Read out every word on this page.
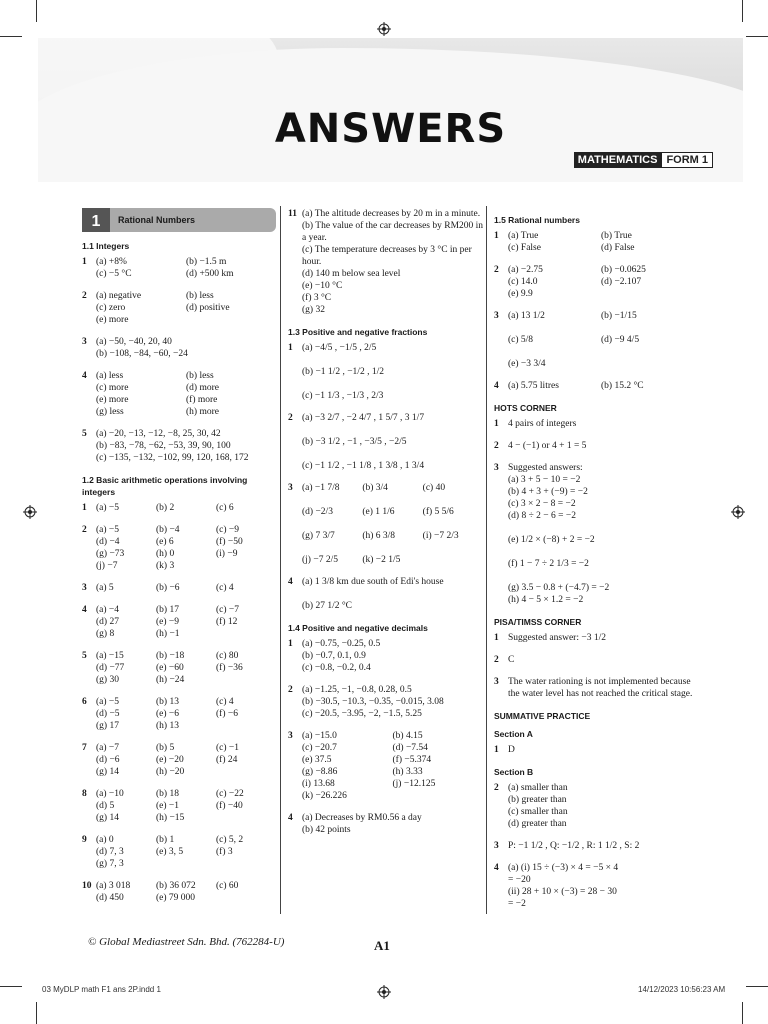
ANSWERS
MATHEMATICS FORM 1
1	Rational Numbers
1.1 Integers
1 (a) +8%	(b) −1.5 m
(c) −5 °C	(d) +500 km
2 (a) negative	(b) less
(c) zero	(d) positive
(e) more

3 (a) −50, −40, 20, 40
(b) −108, −84, −60, −24
4 (a) less	(b) less
(c) more	(d) more
(e) more	(f) more
(g) less	(h) more
5 (a) −20, −13, −12, −8, 25, 30, 42
(b) −83, −78, −62, −53, 39, 90, 100
(c) −135, −132, −102, 99, 120, 168, 172
1.2 Basic arithmetic operations involving integers
1 (a) −5	(b) 2	(c) 6
2 (a) −5	(b) −4	(c) −9
(d) −4	(e) 6	(f) −50
(g) −73	(h) 0	(i) −9
(j) −7	(k) 3

3 (a) 5	(b) −6	(c) 4
4 (a) −4	(b) 17	(c) −7
(d) 27	(e) −9	(f) 12
(g) 8	(h) −1

5 (a) −15	(b) −18	(c) 80
(d) −77	(e) −60	(f) −36
(g) 30	(h) −24

6 (a) −5	(b) 13	(c) 4
(d) −5	(e) −6	(f) −6
(g) 17	(h) 13

7 (a) −7	(b) 5	(c) −1
(d) −6	(e) −20	(f) 24
(g) 14	(h) −20

8 (a) −10	(b) 18	(c) −22
(d) 5	(e) −1	(f) −40
(g) 14	(h) −15

9 (a) 0	(b) 1	(c) 5, 2
(d) 7, 3	(e) 3, 5	(f) 3
(g) 7, 3

10 (a) 3 018	(b) 36 072	(c) 60
(d) 450	(e) 79 000

11 (a) The altitude decreases by 20 m in a minute.
(b) The value of the car decreases by RM200 in
a year.
(c) The temperature decreases by 3 °C in per
hour.
(d) 140 m below sea level
(e) −10 °C
(f) 3 °C
(g) 32
1.3 Positive and negative fractions
1 (a) −4/5 , −1/5 , 2/5

(b) −1 1/2 , −1/2 , 1/2

(c) −1 1/3 , −1/3 , 2/3
2 (a) −3 2/7 , −2 4/7 , 1 5/7 , 3 1/7

(b) −3 1/2 , −1 , −3/5 , −2/5

(c) −1 1/2 , −1 1/8 , 1 3/8 , 1 3/4
3 (a) −1 7/8	(b) 3/4	(c) 40

(d) −2/3	(e) 1 1/6	(f) 5 5/6

(g) 7 3/7	(h) 6 3/8	(i) −7 2/3

(j) −7 2/5	(k) −2 1/5

4 (a) 1 3/8 km due south of Edi's house

(b) 27 1/2 °C
1.4 Positive and negative decimals
1 (a) −0.75, −0.25, 0.5
(b) −0.7, 0.1, 0.9
(c) −0.8, −0.2, 0.4
2 (a) −1.25, −1, −0.8, 0.28, 0.5
(b) −30.5, −10.3, −0.35, −0.015, 3.08
(c) −20.5, −3.95, −2, −1.5, 5.25
3 (a) −15.0	(b) 4.15
(c) −20.7	(d) −7.54
(e) 37.5	(f) −5.374
(g) −8.86	(h) 3.33
(i) 13.68	(j) −12.125
(k) −26.226

4 (a) Decreases by RM0.56 a day
(b) 42 points
1.5 Rational numbers
1 (a) True	(b) True
(c) False	(d) False
2 (a) −2.75	(b) −0.0625
(c) 14.0	(d) −2.107
(e) 9.9

3 (a) 13 1/2	(b) −1/15

(c) 5/8	(d) −9 4/5

(e) −3 3/4

4 (a) 5.75 litres	(b) 15.2 °C
HOTS CORNER
1 4 pairs of integers
2 4 − (−1) or 4 + 1 = 5
3 Suggested answers:
(a) 3 + 5 − 10 = −2
(b) 4 + 3 + (−9) = −2
(c) 3 × 2 − 8 = −2
(d) 8 ÷ 2 − 6 = −2

(e) 1/2 × (−8) + 2 = −2

(f) 1 − 7 ÷ 2 1/3 = −2

(g) 3.5 − 0.8 + (−4.7) = −2
(h) 4 − 5 × 1.2 = −2
PISA/TIMSS CORNER
1 Suggested answer: −3 1/2
2 C
3 The water rationing is not implemented because
the water level has not reached the critical stage.
SUMMATIVE PRACTICE
Section A
1 D
Section B
2 (a) smaller than
(b) greater than
(c) smaller than
(d) greater than
3 P: −1 1/2 , Q: −1/2 , R: 1 1/2 , S: 2
4 (a) (i) 15 ÷ (−3) × 4 = −5 × 4
= −20
(ii) 28 + 10 × (−3) = 28 − 30
= −2
© Global Mediastreet Sdn. Bhd. (762284-U)	A1
03 MyDLP math F1 ans 2P.indd 1	14/12/2023 10:56:23 AM
